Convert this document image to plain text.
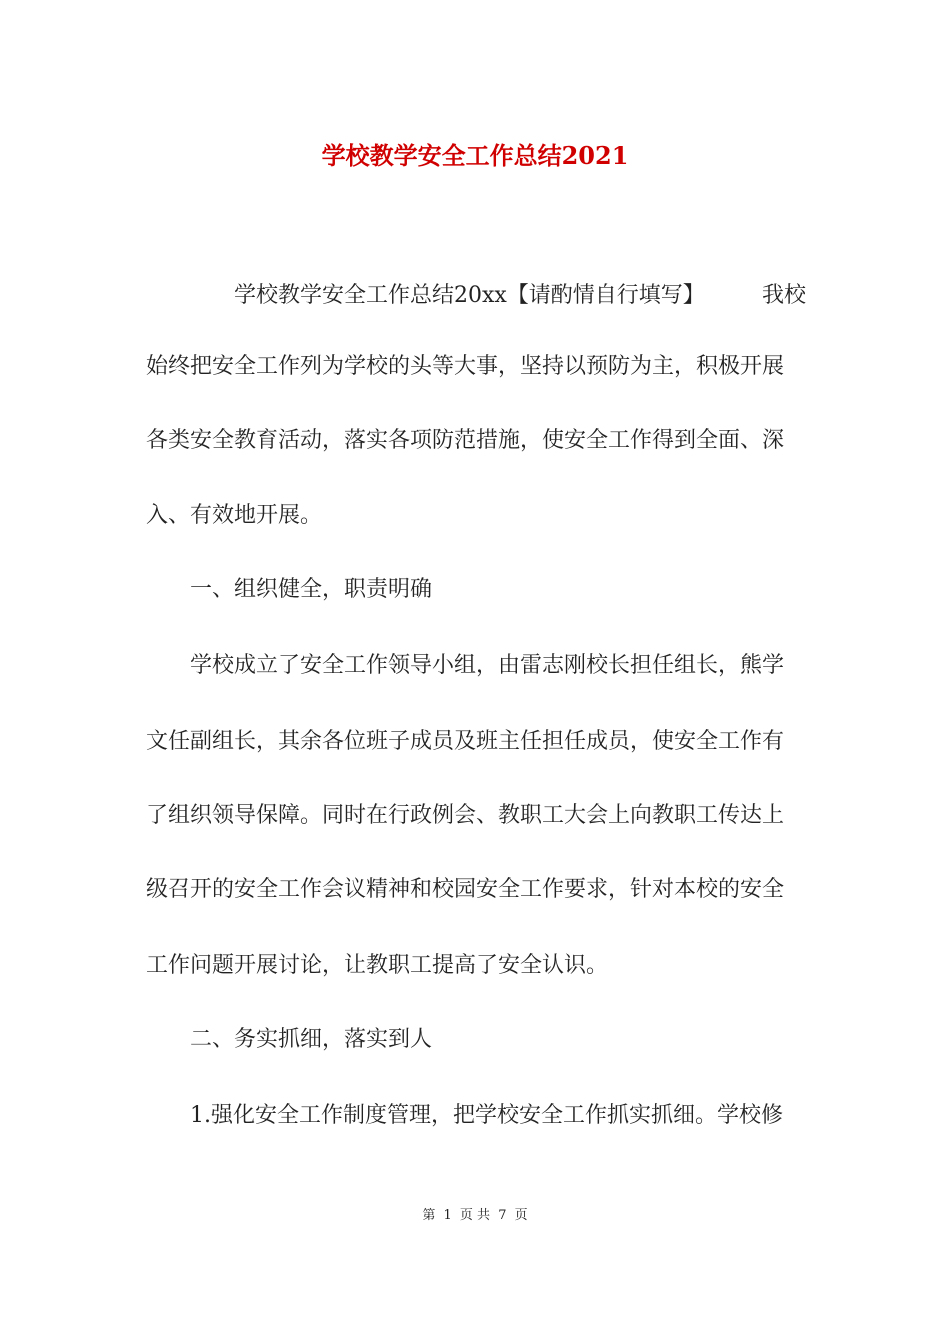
学校教学安全工作总结2021
学校教学安全工作总结20xx【请酌情自行填写】	我校
始终把安全工作列为学校的头等大事，坚持以预防为主，积极开展
各类安全教育活动，落实各项防范措施，使安全工作得到全面、深
入、有效地开展。
一、组织健全，职责明确
学校成立了安全工作领导小组，由雷志刚校长担任组长，熊学
文任副组长，其余各位班子成员及班主任担任成员，使安全工作有
了组织领导保障。同时在行政例会、教职工大会上向教职工传达上
级召开的安全工作会议精神和校园安全工作要求，针对本校的安全
工作问题开展讨论，让教职工提高了安全认识。
二、务实抓细，落实到人
1.强化安全工作制度管理，把学校安全工作抓实抓细。学校修
第 1 页 共 7 页
